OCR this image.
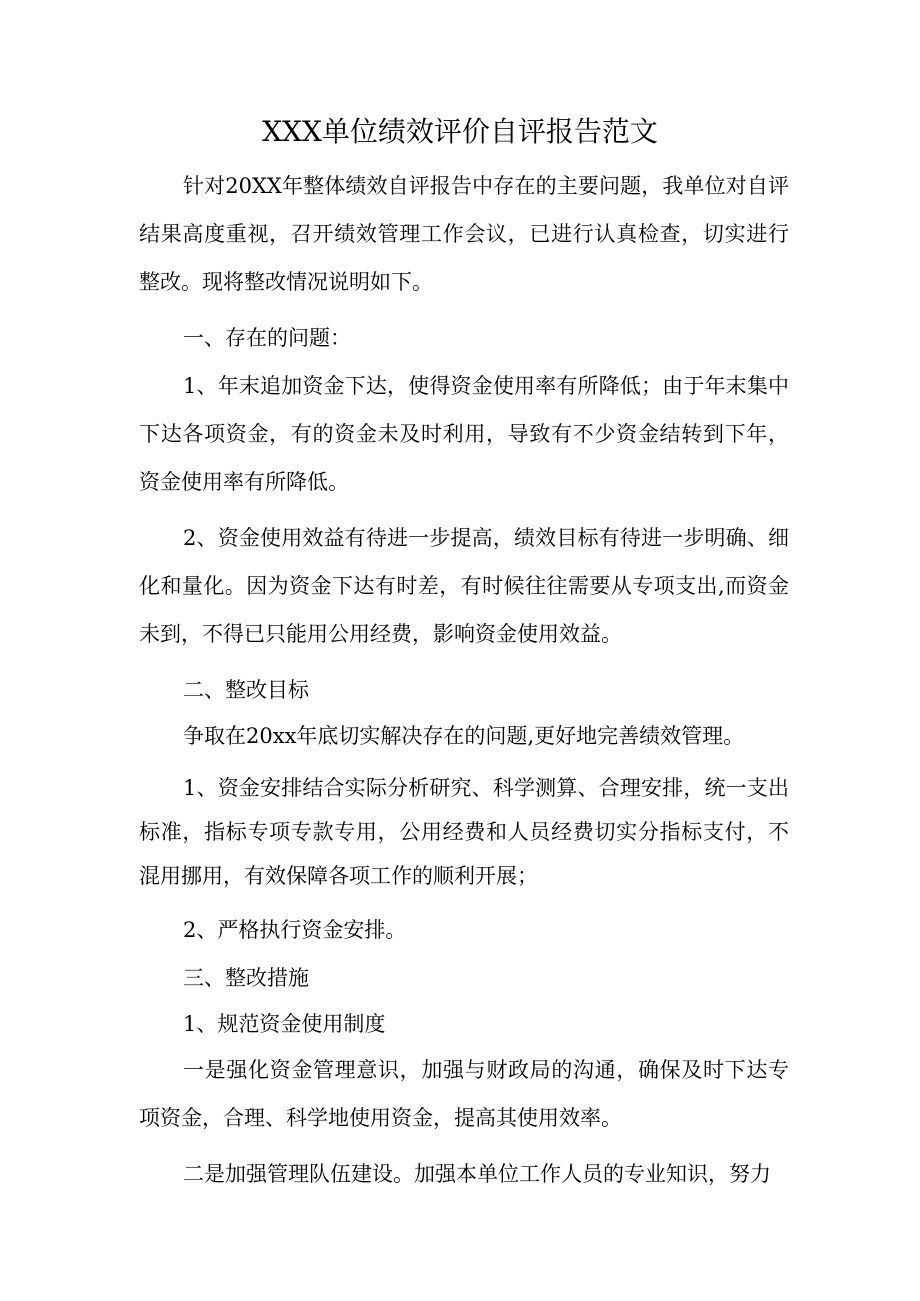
XXX单位绩效评价自评报告范文

针对20XX年整体绩效自评报告中存在的主要问题，我单位对自评结果高度重视，召开绩效管理工作会议，已进行认真检查，切实进行整改。现将整改情况说明如下。

一、存在的问题：

1、年末追加资金下达，使得资金使用率有所降低；由于年末集中下达各项资金，有的资金未及时利用，导致有不少资金结转到下年，资金使用率有所降低。

2、资金使用效益有待进一步提高，绩效目标有待进一步明确、细化和量化。因为资金下达有时差，有时候往往需要从专项支出,而资金未到，不得已只能用公用经费，影响资金使用效益。

二、整改目标

争取在20xx年底切实解决存在的问题,更好地完善绩效管理。

1、资金安排结合实际分析研究、科学测算、合理安排，统一支出标准，指标专项专款专用，公用经费和人员经费切实分指标支付，不混用挪用，有效保障各项工作的顺利开展；

2、严格执行资金安排。

三、整改措施

1、规范资金使用制度

一是强化资金管理意识，加强与财政局的沟通，确保及时下达专项资金，合理、科学地使用资金，提高其使用效率。

二是加强管理队伍建设。加强本单位工作人员的专业知识，努力
